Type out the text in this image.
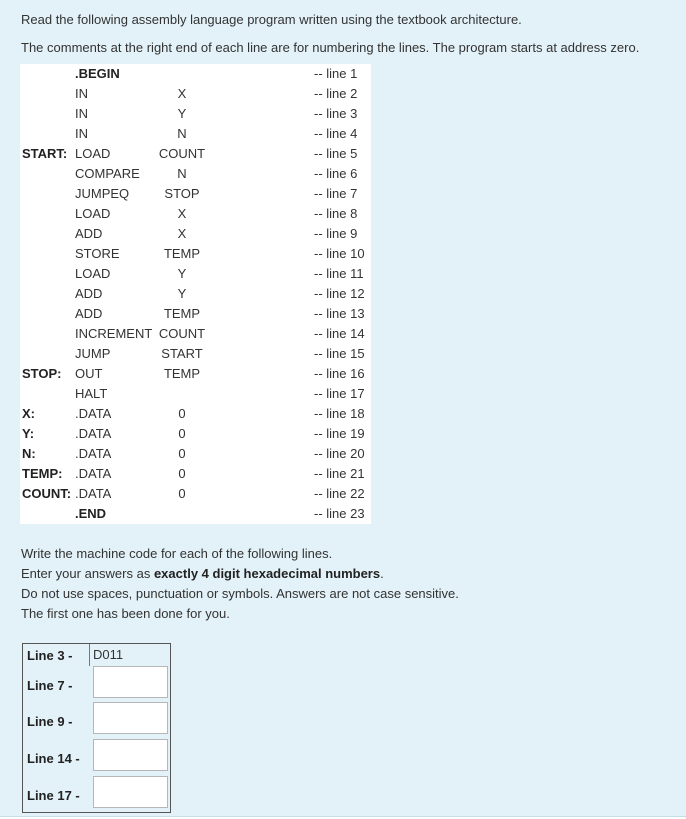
Read the following assembly language program written using the textbook architecture.
The comments at the right end of each line are for numbering the lines. The program starts at address zero.
.BEGIN	-- line 1
IN	X	-- line 2
IN	Y	-- line 3
IN	N	-- line 4
START: LOAD	COUNT	-- line 5
COMPARE	N	-- line 6
JUMPEQ	STOP	-- line 7
LOAD	X	-- line 8
ADD	X	-- line 9
STORE	TEMP	-- line 10
LOAD	Y	-- line 11
ADD	Y	-- line 12
ADD	TEMP	-- line 13
INCREMENT COUNT	-- line 14
JUMP	START	-- line 15
STOP: OUT	TEMP	-- line 16
HALT	-- line 17
X:	.DATA	0	-- line 18
Y:	.DATA	0	-- line 19
N:	.DATA	0	-- line 20
TEMP: .DATA	0	-- line 21
COUNT: .DATA	0	-- line 22
.END	-- line 23
Write the machine code for each of the following lines.
Enter your answers as exactly 4 digit hexadecimal numbers.
Do not use spaces, punctuation or symbols. Answers are not case sensitive.
The first one has been done for you.
Line 3 -	D011
Line 7 -
Line 9 -
Line 14 -
Line 17 -
